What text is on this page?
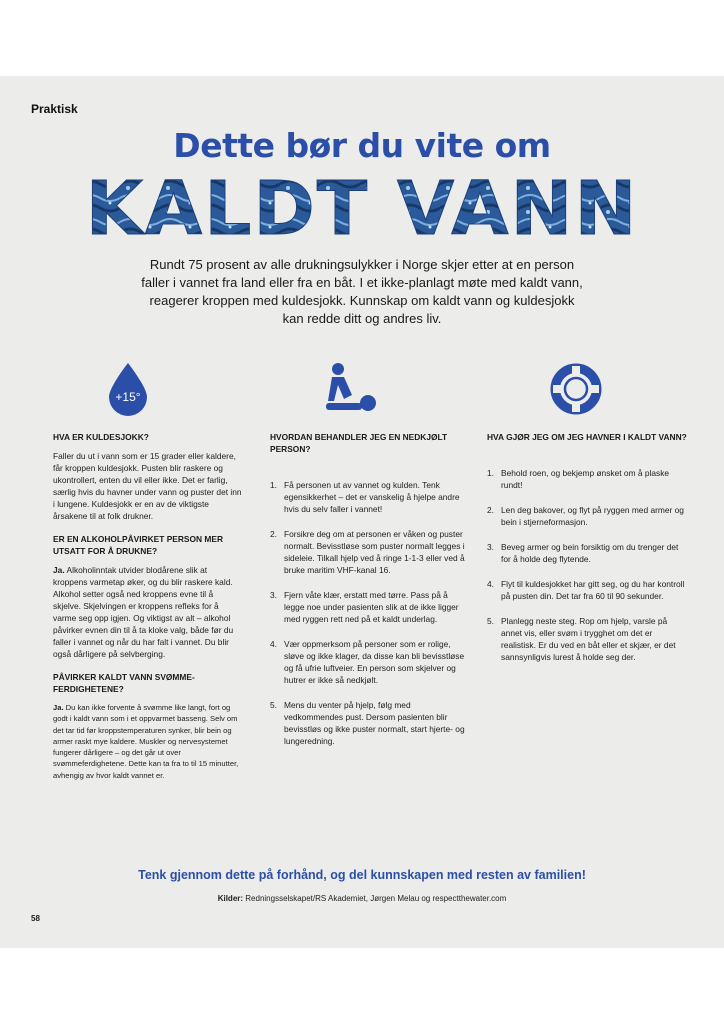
Praktisk
Dette bør du vite om
KALDT VANN
Rundt 75 prosent av alle drukningsulykker i Norge skjer etter at en person faller i vannet fra land eller fra en båt. I et ikke-planlagt møte med kaldt vann, reagerer kroppen med kuldesjokk. Kunnskap om kaldt vann og kuldesjokk kan redde ditt og andres liv.
+15°
HVA ER KULDESJOKK?
Faller du ut i vann som er 15 grader eller kaldere, får kroppen kuldesjokk. Pusten blir raskere og ukontrollert, enten du vil eller ikke. Det er farlig, særlig hvis du havner under vann og puster det inn i lungene. Kuldesjokk er en av de viktigste årsakene til at folk drukner.
ER EN ALKOHOLPÅVIRKET PERSON MER UTSATT FOR Å DRUKNE?
Ja. Alkoholinntak utvider blodårene slik at kroppens varmetap øker, og du blir raskere kald. Alkohol setter også ned kroppens evne til å skjelve. Skjelvingen er kroppens refleks for å varme seg opp igjen. Og viktigst av alt – alkohol påvirker evnen din til å ta kloke valg, både før du faller i vannet og når du har falt i vannet. Du blir også dårligere på selvberging.
PÅVIRKER KALDT VANN SVØMME-FERDIGHETENE?
Ja. Du kan ikke forvente å svømme like langt, fort og godt i kaldt vann som i et oppvarmet basseng. Selv om det tar tid før kroppstemperaturen synker, blir bein og armer raskt mye kaldere. Muskler og nervesystemet fungerer dårligere – og det går ut over svømmeferdighetene. Dette kan ta fra to til 15 minutter, avhengig av hvor kaldt vannet er.
HVORDAN BEHANDLER JEG EN NEDKJØLT PERSON?
1. Få personen ut av vannet og kulden. Tenk egensikkerhet – det er vanskelig å hjelpe andre hvis du selv faller i vannet!
2. Forsikre deg om at personen er våken og puster normalt. Bevisstløse som puster normalt legges i sideleie. Tilkall hjelp ved å ringe 1-1-3 eller ved å bruke maritim VHF-kanal 16.
3. Fjern våte klær, erstatt med tørre. Pass på å legge noe under pasienten slik at de ikke ligger med ryggen rett ned på et kaldt underlag.
4. Vær oppmerksom på personer som er rolige, sløve og ikke klager, da disse kan bli bevisstløse og få ufrie luftveier. En person som skjelver og hutrer er ikke så nedkjølt.
5. Mens du venter på hjelp, følg med vedkommendes pust. Dersom pasienten blir bevisstløs og ikke puster normalt, start hjerte- og lungeredning.
HVA GJØR JEG OM JEG HAVNER I KALDT VANN?
1. Behold roen, og bekjemp ønsket om å plaske rundt!
2. Len deg bakover, og flyt på ryggen med armer og bein i stjerneformasjon.
3. Beveg armer og bein forsiktig om du trenger det for å holde deg flytende.
4. Flyt til kuldesjokket har gitt seg, og du har kontroll på pusten din. Det tar fra 60 til 90 sekunder.
5. Planlegg neste steg. Rop om hjelp, varsle på annet vis, eller svøm i trygghet om det er realistisk. Er du ved en båt eller et skjær, er det sannsynligvis lurest å holde seg der.
Tenk gjennom dette på forhånd, og del kunnskapen med resten av familien!
Kilder: Redningsselskapet/RS Akademiet, Jørgen Melau og respectthewater.com
58
